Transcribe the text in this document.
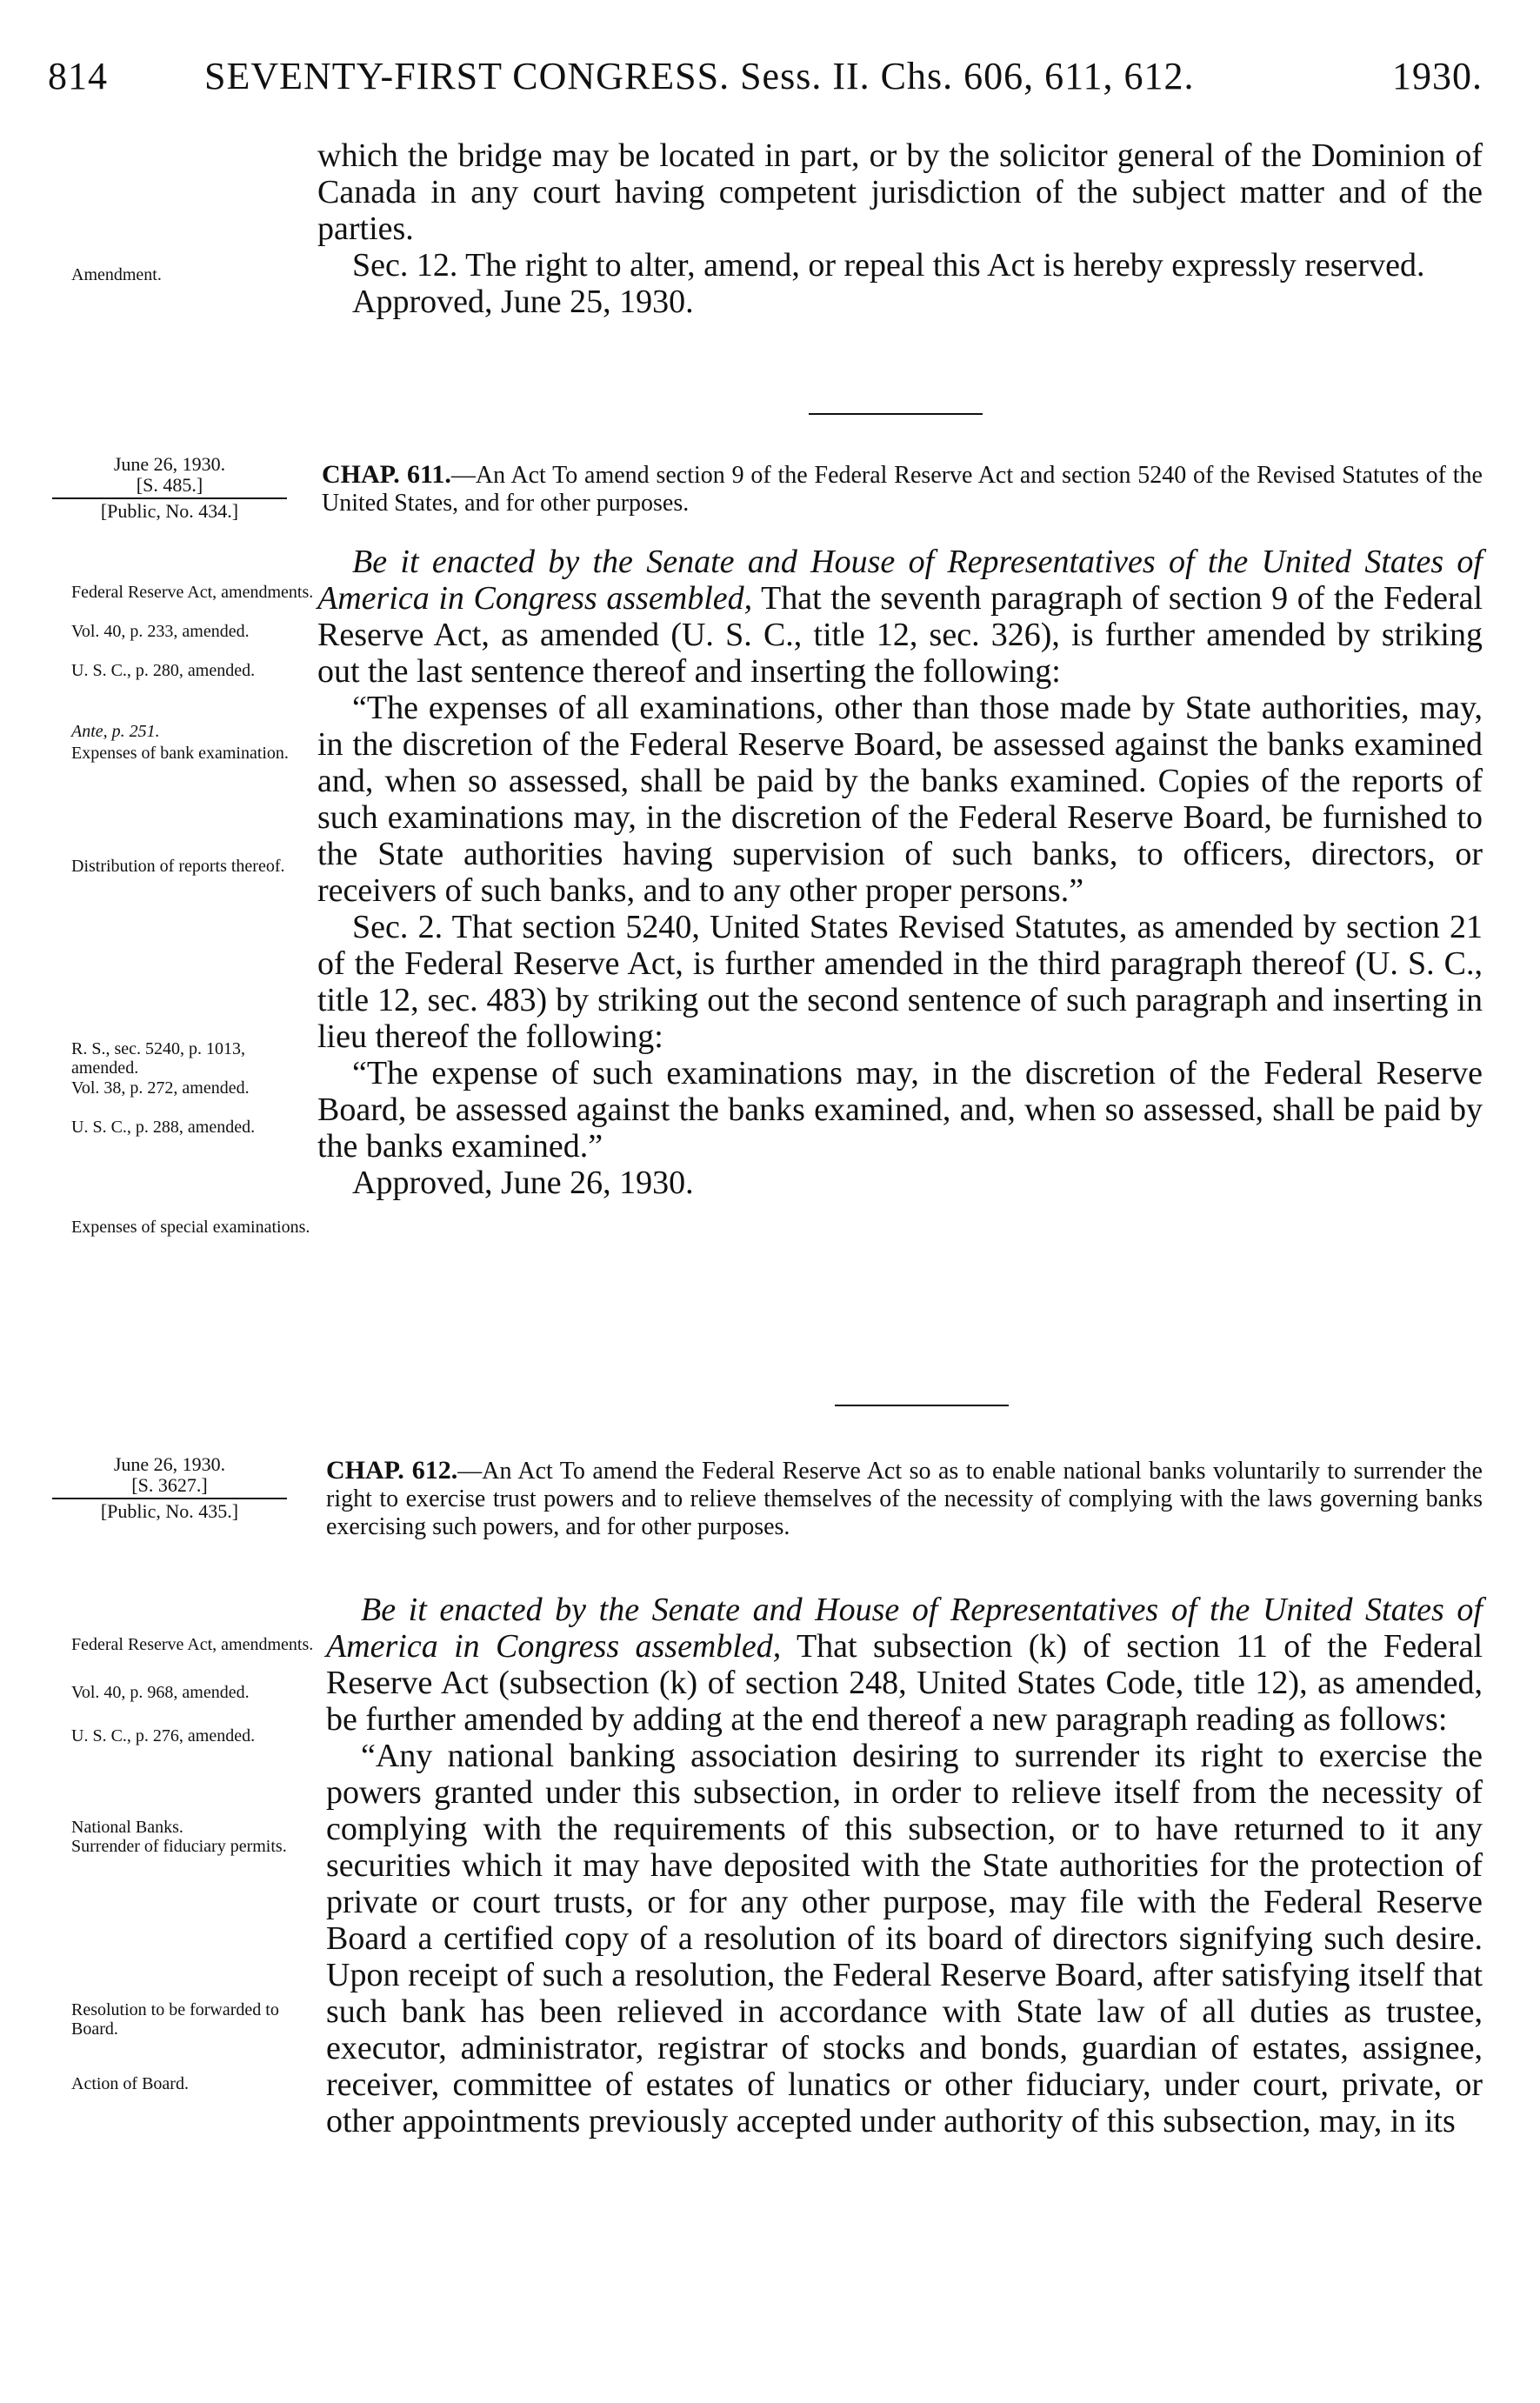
814	SEVENTY-FIRST CONGRESS. Sess. II. Chs. 606, 611, 612.	1930.

which the bridge may be located in part, or by the solicitor general of the Dominion of Canada in any court having competent jurisdiction of the subject matter and of the parties.

Sec. 12. The right to alter, amend, or repeal this Act is hereby expressly reserved.

Approved, June 25, 1930.

Amendment.
June 26, 1930.
[S. 485.]
[Public, No. 434.]
CHAP. 611.—An Act To amend section 9 of the Federal Reserve Act and section 5240 of the Revised Statutes of the United States, and for other purposes.

Be it enacted by the Senate and House of Representatives of the United States of America in Congress assembled, That the seventh paragraph of section 9 of the Federal Reserve Act, as amended (U. S. C., title 12, sec. 326), is further amended by striking out the last sentence thereof and inserting the following:

“The expenses of all examinations, other than those made by State authorities, may, in the discretion of the Federal Reserve Board, be assessed against the banks examined and, when so assessed, shall be paid by the banks examined. Copies of the reports of such examinations may, in the discretion of the Federal Reserve Board, be furnished to the State authorities having supervision of such banks, to officers, directors, or receivers of such banks, and to any other proper persons.”

Sec. 2. That section 5240, United States Revised Statutes, as amended by section 21 of the Federal Reserve Act, is further amended in the third paragraph thereof (U. S. C., title 12, sec. 483) by striking out the second sentence of such paragraph and inserting in lieu thereof the following:

“The expense of such examinations may, in the discretion of the Federal Reserve Board, be assessed against the banks examined, and, when so assessed, shall be paid by the banks examined.”

Approved, June 26, 1930.

Federal Reserve Act, amendments.
Vol. 40, p. 233, amended.
U. S. C., p. 280, amended.
Ante, p. 251.
Expenses of bank examination.
Distribution of reports thereof.
R. S., sec. 5240, p. 1013, amended.
Vol. 38, p. 272, amended.
U. S. C., p. 288, amended.
Expenses of special examinations.
June 26, 1930.
[S. 3627.]
[Public, No. 435.]
CHAP. 612.—An Act To amend the Federal Reserve Act so as to enable national banks voluntarily to surrender the right to exercise trust powers and to relieve themselves of the necessity of complying with the laws governing banks exercising such powers, and for other purposes.

Be it enacted by the Senate and House of Representatives of the United States of America in Congress assembled, That subsection (k) of section 11 of the Federal Reserve Act (subsection (k) of section 248, United States Code, title 12), as amended, be further amended by adding at the end thereof a new paragraph reading as follows:

“Any national banking association desiring to surrender its right to exercise the powers granted under this subsection, in order to relieve itself from the necessity of complying with the requirements of this subsection, or to have returned to it any securities which it may have deposited with the State authorities for the protection of private or court trusts, or for any other purpose, may file with the Federal Reserve Board a certified copy of a resolution of its board of directors signifying such desire. Upon receipt of such a resolution, the Federal Reserve Board, after satisfying itself that such bank has been relieved in accordance with State law of all duties as trustee, executor, administrator, registrar of stocks and bonds, guardian of estates, assignee, receiver, committee of estates of lunatics or other fiduciary, under court, private, or other appointments previously accepted under authority of this subsection, may, in its

Federal Reserve Act, amendments.
Vol. 40, p. 968, amended.
U. S. C., p. 276, amended.
National Banks.
Surrender of fiduciary permits.
Resolution to be forwarded to Board.
Action of Board.
